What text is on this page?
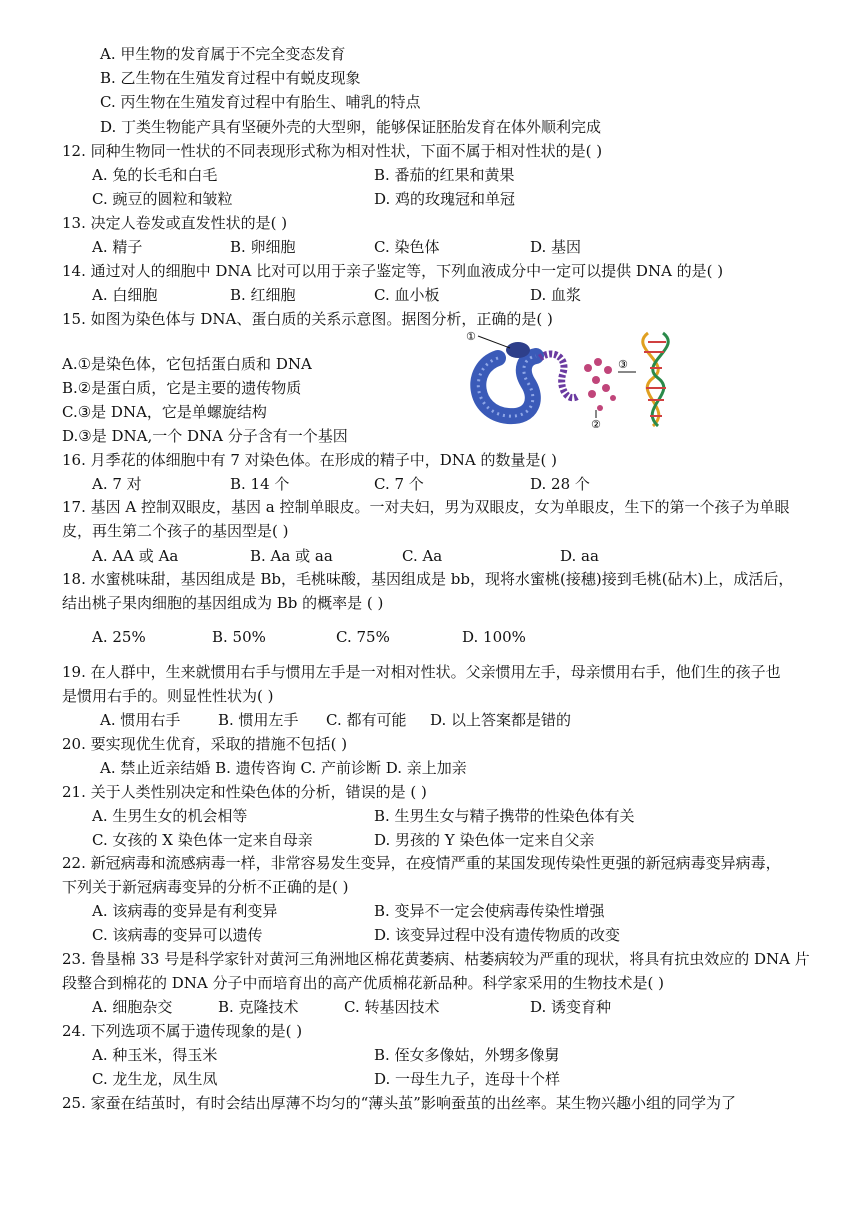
A. 甲生物的发育属于不完全变态发育
B. 乙生物在生殖发育过程中有蜕皮现象
C. 丙生物在生殖发育过程中有胎生、哺乳的特点
D. 丁类生物能产具有坚硬外壳的大型卵，能够保证胚胎发育在体外顺利完成
12. 同种生物同一性状的不同表现形式称为相对性状，下面不属于相对性状的是( )
A. 兔的长毛和白毛	B. 番茄的红果和黄果
C. 豌豆的圆粒和皱粒	D. 鸡的玫瑰冠和单冠
13. 决定人卷发或直发性状的是( )
A. 精子	B. 卵细胞	C. 染色体	D. 基因
14. 通过对人的细胞中 DNA 比对可以用于亲子鉴定等，下列血液成分中一定可以提供 DNA 的是( )
A. 白细胞	B. 红细胞	C. 血小板	D. 血浆
15. 如图为染色体与 DNA、蛋白质的关系示意图。据图分析，正确的是( )
A.①是染色体，它包括蛋白质和 DNA
B.②是蛋白质，它是主要的遗传物质
C.③是 DNA，它是单螺旋结构
D.③是 DNA,一个 DNA 分子含有一个基因
16. 月季花的体细胞中有 7 对染色体。在形成的精子中，DNA 的数量是( )
A. 7 对	B. 14 个	C. 7 个	D. 28 个
17. 基因 A 控制双眼皮，基因 a 控制单眼皮。一对夫妇，男为双眼皮，女为单眼皮，生下的第一个孩子为单眼
皮，再生第二个孩子的基因型是( )
A. AA 或 Aa	B. Aa 或 aa	C. Aa	D. aa
18. 水蜜桃味甜，基因组成是 Bb，毛桃味酸，基因组成是 bb，现将水蜜桃(接穗)接到毛桃(砧木)上，成活后，
结出桃子果肉细胞的基因组成为 Bb 的概率是 ( )
A. 25%	B. 50%	C. 75%	D. 100%
19. 在人群中，生来就惯用右手与惯用左手是一对相对性状。父亲惯用左手，母亲惯用右手，他们生的孩子也
是惯用右手的。则显性性状为( )
A. 惯用右手	B. 惯用左手 C. 都有可能 D. 以上答案都是错的
20. 要实现优生优育，采取的措施不包括( )
A. 禁止近亲结婚 B. 遗传咨询 C. 产前诊断 D. 亲上加亲
21. 关于人类性别决定和性染色体的分析，错误的是 ( )
A. 生男生女的机会相等	B. 生男生女与精子携带的性染色体有关
C. 女孩的 X 染色体一定来自母亲	D. 男孩的 Y 染色体一定来自父亲
22. 新冠病毒和流感病毒一样，非常容易发生变异，在疫情严重的某国发现传染性更强的新冠病毒变异病毒，
下列关于新冠病毒变异的分析不正确的是( )
A. 该病毒的变异是有利变异	B. 变异不一定会使病毒传染性增强
C. 该病毒的变异可以遗传	D. 该变异过程中没有遗传物质的改变
23. 鲁垦棉 33 号是科学家针对黄河三角洲地区棉花黄萎病、枯萎病较为严重的现状，将具有抗虫效应的 DNA 片
段整合到棉花的 DNA 分子中而培育出的高产优质棉花新品种。科学家采用的生物技术是( )
A. 细胞杂交	B. 克隆技术	C. 转基因技术	D. 诱变育种
24. 下列选项不属于遗传现象的是( )
A. 种玉米，得玉米	B. 侄女多像姑，外甥多像舅
C. 龙生龙，凤生凤	D. 一母生九子，连母十个样
25. 家蚕在结茧时，有时会结出厚薄不均匀的“薄头茧”影响蚕茧的出丝率。某生物兴趣小组的同学为了
①
③
②
